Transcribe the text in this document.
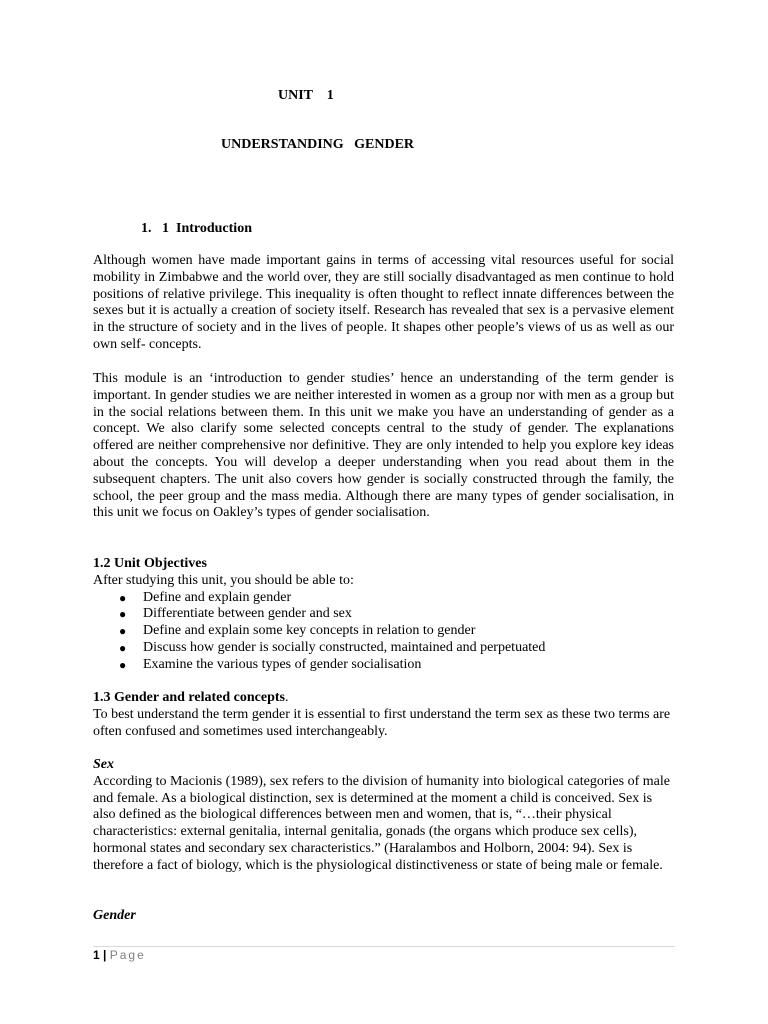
UNIT    1
UNDERSTANDING   GENDER
1.   1  Introduction
Although women have made important gains in terms of accessing vital resources useful for social mobility in Zimbabwe and the world over, they are still socially disadvantaged as men continue to hold positions of relative privilege. This inequality is often thought to reflect innate differences between the sexes but it is actually a creation of society itself. Research has revealed that sex is a pervasive element in the structure of society and in the lives of people. It shapes other people’s views of us as well as our own self- concepts.
This module is an ‘introduction to gender studies’ hence an understanding of the term gender is important. In gender studies we are neither interested in women as a group nor with men as a group but in the social relations between them. In this unit we make you have an understanding of gender as a concept. We also clarify some selected concepts central to the study of gender. The explanations offered are neither comprehensive nor definitive. They are only intended to help you explore key ideas about the concepts. You will develop a deeper understanding when you read about them in the subsequent chapters. The unit also covers how gender is socially constructed through the family, the school, the peer group and the mass media. Although there are many types of gender socialisation, in this unit we focus on Oakley’s types of gender socialisation.
1.2 Unit Objectives
After studying this unit, you should be able to:
● Define and explain gender
● Differentiate between gender and sex
● Define and explain some key concepts in relation to gender
● Discuss how gender is socially constructed, maintained and perpetuated
● Examine the various types of gender socialisation
1.3 Gender and related concepts.
To best understand the term gender it is essential to first understand the term sex as these two terms are often confused and sometimes used interchangeably.
Sex
According to Macionis (1989), sex refers to the division of humanity into biological categories of male and female. As a biological distinction, sex is determined at the moment a child is conceived. Sex is also defined as the biological differences between men and women, that is, “…their physical characteristics: external genitalia, internal genitalia, gonads (the organs which produce sex cells), hormonal states and secondary sex characteristics.” (Haralambos and Holborn, 2004: 94). Sex is therefore a fact of biology, which is the physiological distinctiveness or state of being male or female.
Gender
1 | Page
